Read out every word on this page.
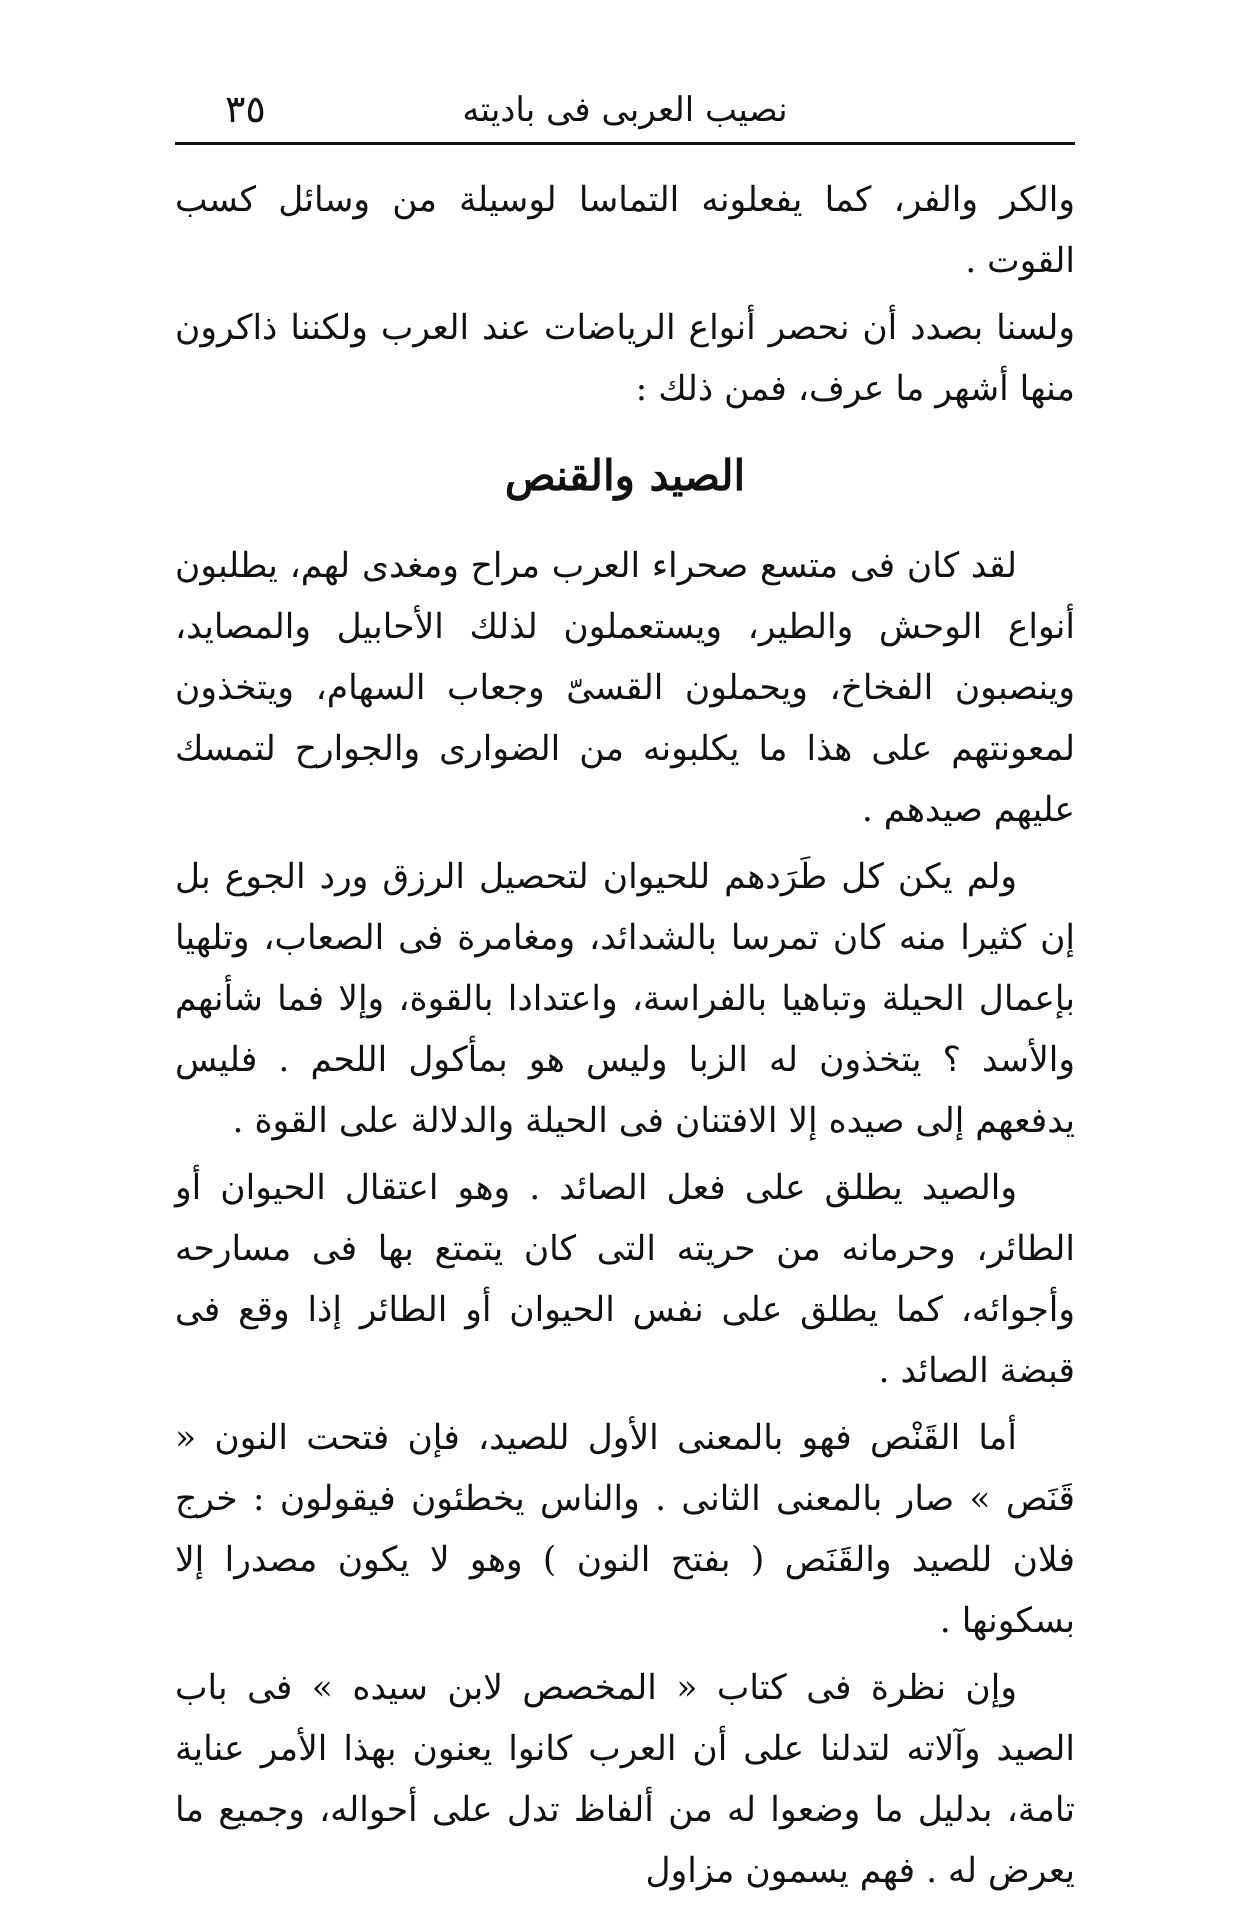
نصيب العربى فى باديته
٣٥

والكر والفر، كما يفعلونه التماسا لوسيلة من وسائل كسب القوت .

ولسنا بصدد أن نحصر أنواع الرياضات عند العرب ولكننا ذاكرون منها أشهر ما عرف، فمن ذلك :

الصيد والقنص

لقد كان فى متسع صحراء العرب مراح ومغدى لهم، يطلبون أنواع الوحش والطير، ويستعملون لذلك الأحابيل والمصايد، وينصبون الفخاخ، ويحملون القسىّ وجعاب السهام، ويتخذون لمعونتهم على هذا ما يكلبونه من الضوارى والجوارح لتمسك عليهم صيدهم .

ولم يكن كل طَرَدهم للحيوان لتحصيل الرزق ورد الجوع بل إن كثيرا منه كان تمرسا بالشدائد، ومغامرة فى الصعاب، وتلهيا بإعمال الحيلة وتباهيا بالفراسة، واعتدادا بالقوة، وإلا فما شأنهم والأسد ؟ يتخذون له الزبا وليس هو بمأكول اللحم . فليس يدفعهم إلى صيده إلا الافتنان فى الحيلة والدلالة على القوة .

والصيد يطلق على فعل الصائد . وهو اعتقال الحيوان أو الطائر، وحرمانه من حريته التى كان يتمتع بها فى مسارحه وأجوائه، كما يطلق على نفس الحيوان أو الطائر إذا وقع فى قبضة الصائد .

أما القَنْص فهو بالمعنى الأول للصيد، فإن فتحت النون « قَنَص » صار بالمعنى الثانى . والناس يخطئون فيقولون : خرج فلان للصيد والقَنَص ( بفتح النون ) وهو لا يكون مصدرا إلا بسكونها .

وإن نظرة فى كتاب « المخصص لابن سيده » فى باب الصيد وآلاته لتدلنا على أن العرب كانوا يعنون بهذا الأمر عناية تامة، بدليل ما وضعوا له من ألفاظ تدل على أحواله، وجميع ما يعرض له . فهم يسمون مزاول
